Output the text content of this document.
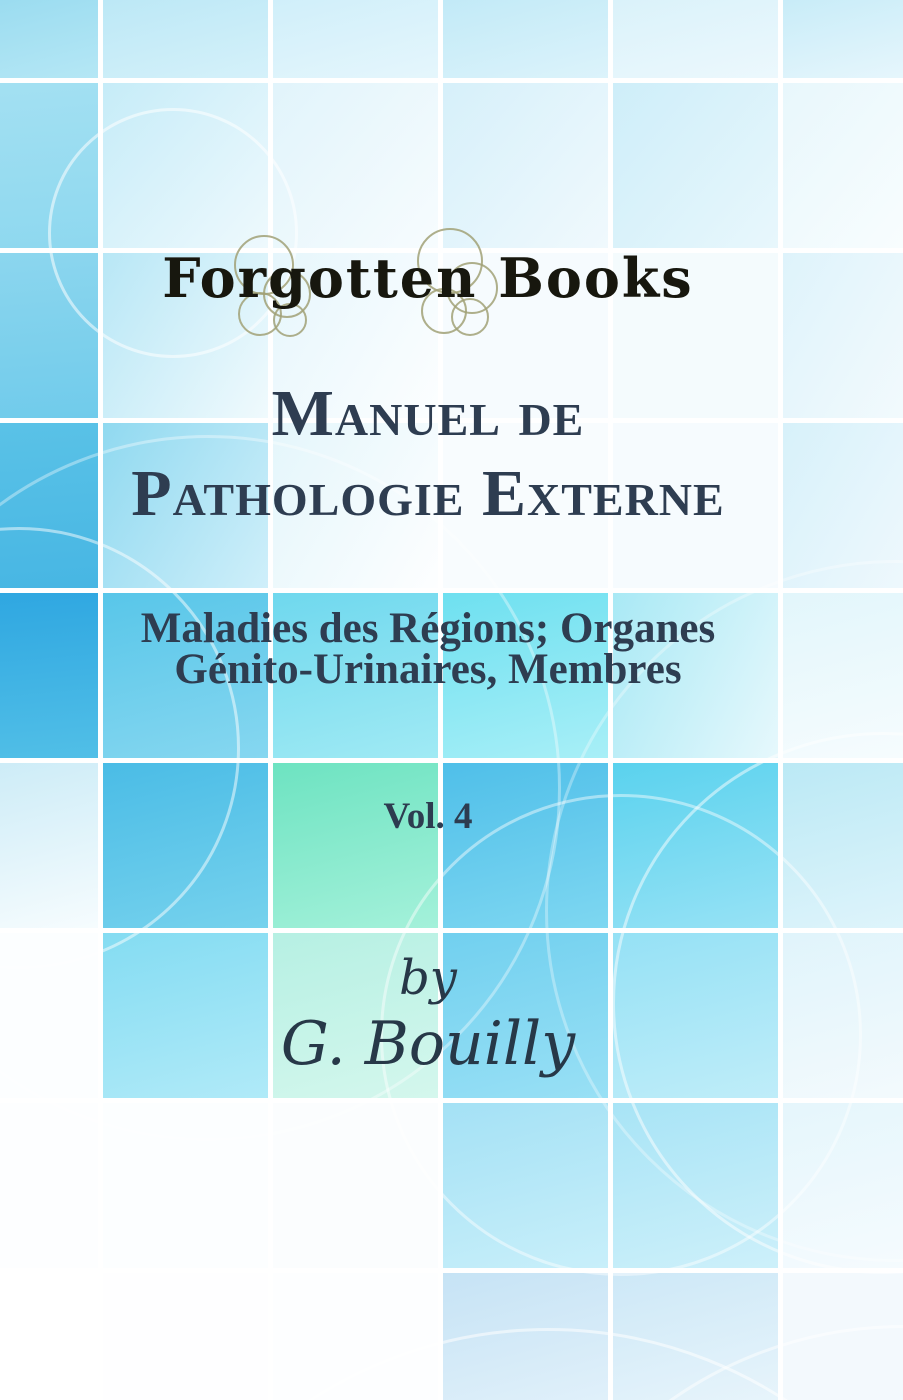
Forgotten Books
Manuel de
Pathologie Externe
Maladies des Régions; Organes
Génito-Urinaires, Membres
Vol. 4
by
G. Bouilly
